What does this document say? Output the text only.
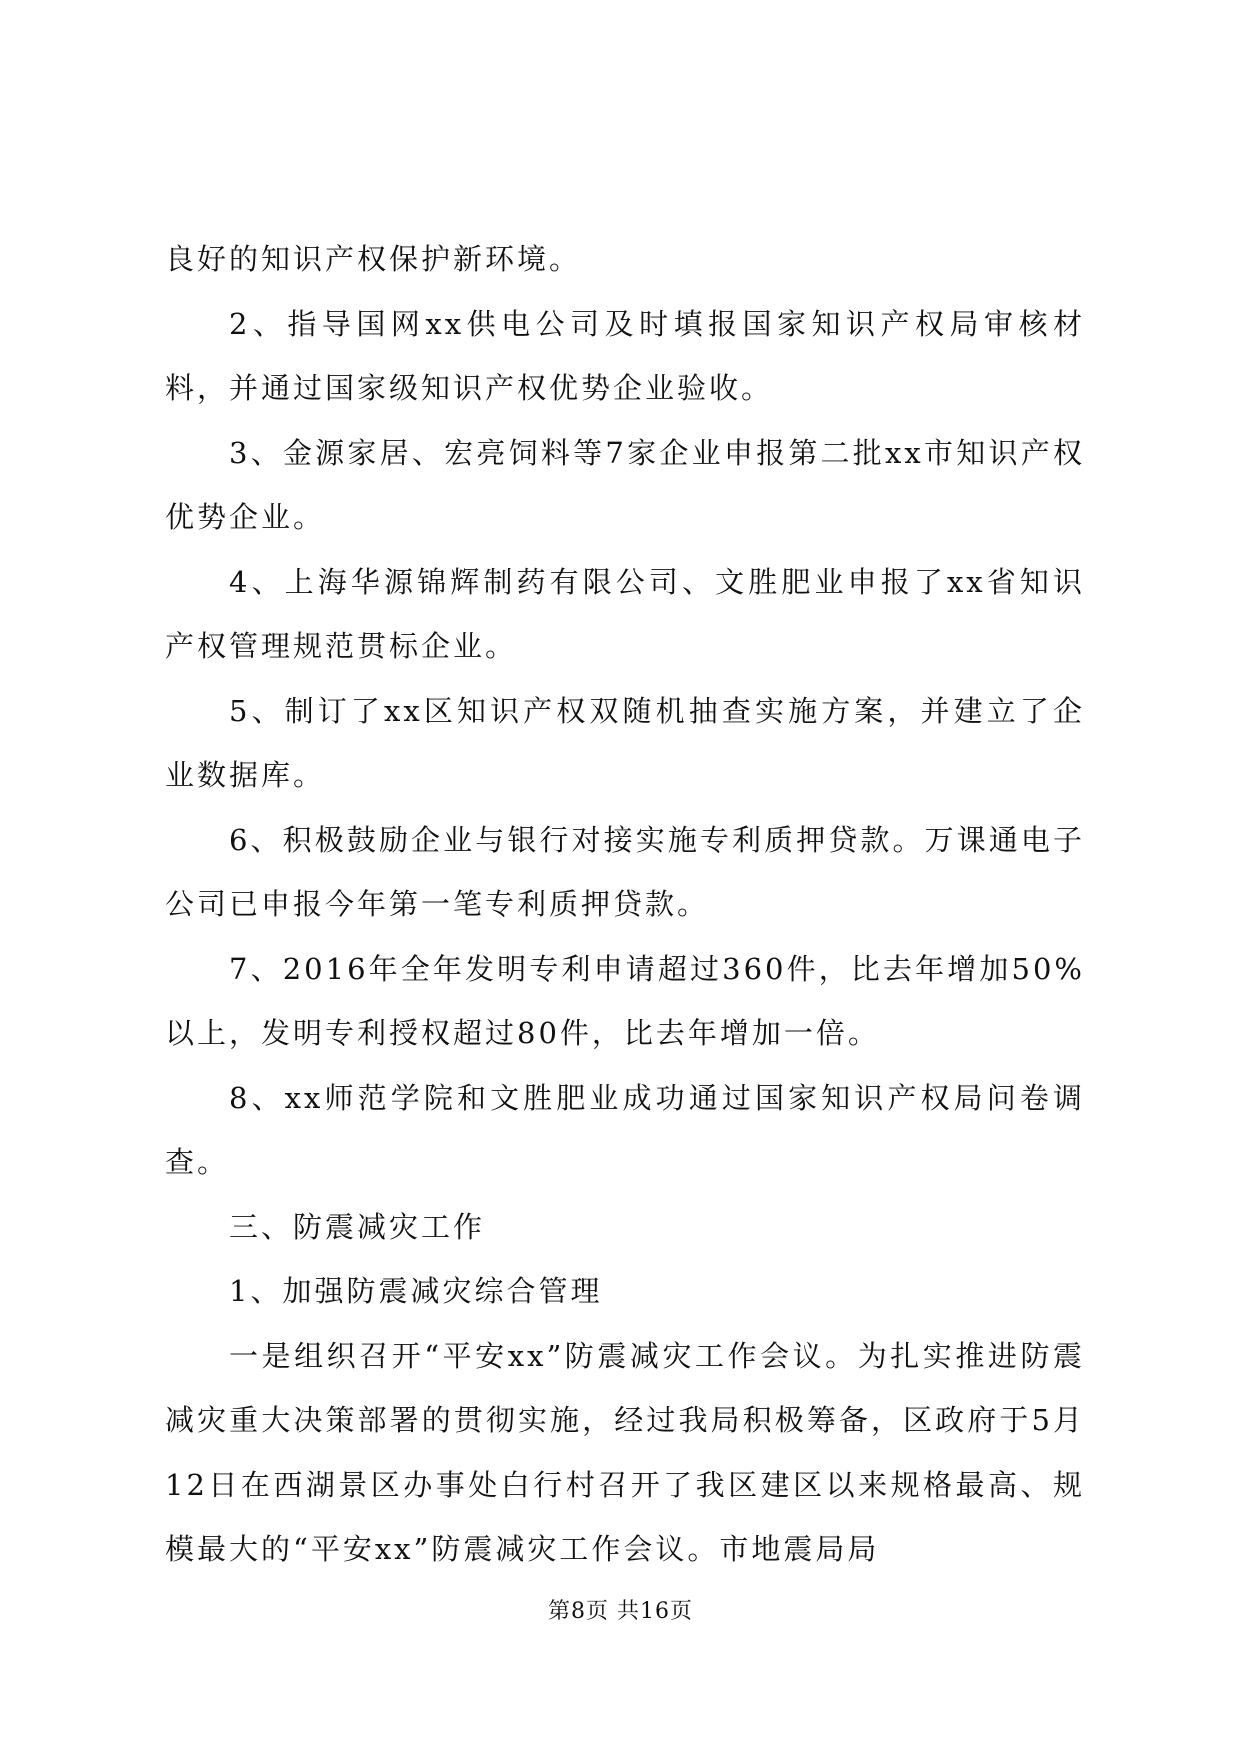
良好的知识产权保护新环境。

2、指导国网xx供电公司及时填报国家知识产权局审核材料，并通过国家级知识产权优势企业验收。

3、金源家居、宏亮饲料等7家企业申报第二批xx市知识产权优势企业。

4、上海华源锦辉制药有限公司、文胜肥业申报了xx省知识产权管理规范贯标企业。

5、制订了xx区知识产权双随机抽查实施方案，并建立了企业数据库。

6、积极鼓励企业与银行对接实施专利质押贷款。万课通电子公司已申报今年第一笔专利质押贷款。

7、2016年全年发明专利申请超过360件，比去年增加50%以上，发明专利授权超过80件，比去年增加一倍。

8、xx师范学院和文胜肥业成功通过国家知识产权局问卷调查。

三、防震减灾工作

1、加强防震减灾综合管理

一是组织召开“平安xx”防震减灾工作会议。为扎实推进防震减灾重大决策部署的贯彻实施，经过我局积极筹备，区政府于5月12日在西湖景区办事处白行村召开了我区建区以来规格最高、规模最大的“平安xx”防震减灾工作会议。市地震局局

第8页 共16页
